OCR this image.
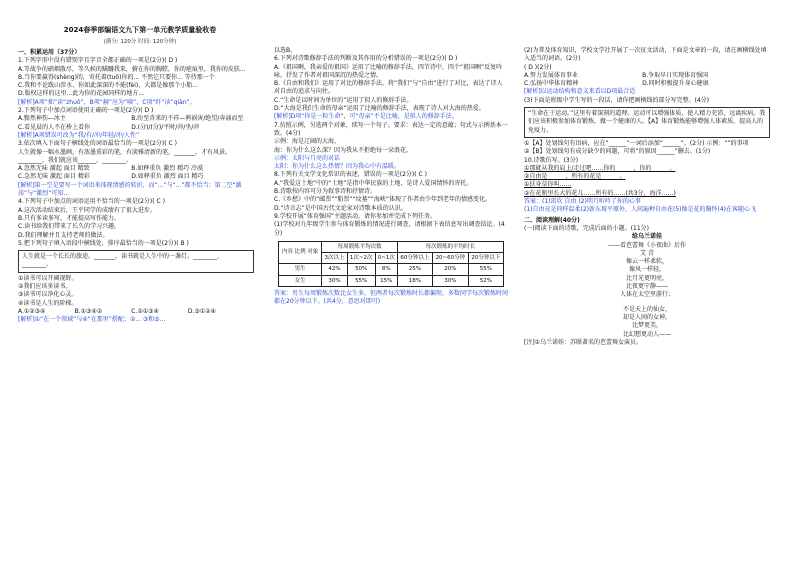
2024春季部编语文九下第一单元教学质量验收卷
(满分: 120分 时间: 120分钟)

一、积累运用（37分）

1.下列字形中没有错别字且字音全都正确的一项是(2分)( D )

A.等战争的硝烟散尽，等久候的蹒跚我来，俯在你的胸膛，你的疤痕里，我你的皮肤...

B.当你要赢得(shèng)的，寄托着(tuō)你的... 不然它只要你... 等待那一个

C.我和不论跋山涉水、你如此深深的不能(fèi)，大都是像那个小船...

D.版权这样的这里...此为你的花园同样的地方...

[解析]A项“拙”读“zhuō”，B项“赫”应为“嘀”，C项“纤”读“qiàn”。

2.下列句子中加点词语使用正确的一项是(2分)( D )

A.黯然神伤—冰主	B.纷至沓来的不祥—鸦祸害/绝望/奔涌而至

C.看见晨的人不在桥上看你	D.(分)/(分)/平时/冲/坐/冲

[解析]A项错误可改为“我/有/冲/年轻/冲/人性”

3.依次填入下面句子横线处的词语最恰当的一项是(2分)( C )

人生就像一幅水墨画，有浓墨重彩的笔，有淡雅清新的笔，_______，才有风景。________，我们就应该______，________。

A.忽然无味 激起 面目 精致	B.如释重负 激烈 精巧 冷漠

C.急然无味 激起 面目 精彩	D.如释重负 激烈 面目 精巧

[解析]第一空是要写一个词语来体现情感的转折，而“...”与“...”都不恰当；第二空“激荡”与“激烈”可知...

4.下列句子中加点的词语运用不恰当的一项是(2分)( C )

A.这次活动结束后，王平同学的成绩有了很大进步。

B.只有多读多写，才能提高写作能力。

C.读书给我们带来了长久的学习兴趣。

D.我们理解并且支持老师的做法。

5.把下列句子填入语段中横线处，排序最恰当的一项是(2分)( B )

人生就是一个长长的旅途。_______，读书就是人生中的一盏灯。________，________。

①读书可以开阔视野。

②我们应该多读书。

③读书可以净化心灵。

④读书是人生的阶梯。

A.①②③④	B.①③④②	C.②①③④	D.③①②④

[解析]①“在一个领域”与④“在那里”搭配；②... ③和⑤...

以选B。

6.下列对诗歌修辞手法的判断及其作用的分析错误的一项是(2分)( D )

A.《祖国啊，我亲爱的祖国》运用了比喻的修辞手法，四节诗中，四个“祖国啊”反复吟咏，抒发了作者对祖国深沉的热爱之情。

B.《自由和我们》运用了对比的修辞手法，将“我们”与“自由”进行了对比，表达了诗人对自由的追求与向往。

C.“生命是以时间为单位的”运用了拟人的修辞手法。

D.“大海是我们生命的母亲”运用了比喻的修辞手法，表现了诗人对大海的热爱。

[解析]D项“你是一粒生命”，可“母亲”不是比喻，是拟人的修辞手法。

7.仿照示例，另选两个对象，续写一个句子。要求：表达一定的意蕴；句式与示例基本一致。(4分)

示例：海是辽阔的大海，

海：你为什么这么深？因为我从不拒绝每一朵浪花。

示例：太阳与月亮的对话

太阳：你为什么这么热情？因为我心中有温暖。

8.下列有关文学文化常识的表述，错误的一项是(2分)( C )

A.“我爱这土地”中的“土地”是指中华民族的土地，是诗人爱国情怀的寄托。

B.诗歌按内容可分为叙事诗和抒情诗。

C.《乡愁》中的“邮票”“船票”“坟墓”“海峡”体现了作者由少年到老年的情感变化。

D.“诗言志”是中国古代文论家对诗歌本质的认识。

9.学校开展“体育强国”主题活动，请你参加并完成下列任务。

(1)学校对九年级学生参与体育锻炼的情况进行调查，请根据下表信息写出调查结论。(4分)

内容 比例 对象	每周锻炼平均次数			每次锻炼的平均时长		
	3次以上	1次~2次	0~1次	60分钟以上	20~60分钟	20分钟以下
男生	42%	50%	8%	25%	20%	55%
女生	30%	55%	15%	18%	30%	52%

答案：男生每周锻炼次数比女生多，但两者每次锻炼时长都偏短，多数同学每次锻炼时间都在20分钟以下。(共4分，意思对即可)

(2)为普及体育知识，学校文学社开展了一次征文活动，下面是文章的一段，请在画横线处填入适当的词语。(2分)

( D )(2分)

A.努力发展体育事业	B.争取早日实现体育强国

C.弘扬中华体育精神	D.同时积极提升身心健康

[解析]以运动结构和意义来看以D项最合适

(3)下面是班级中学生写的一段话，请你把画横线的部分写完整。(4分)

“生命在于运动。”这里有着深刻的道理。运动可以增强体质，使人精力充沛，远离疾病。我们应该积极参加体育锻炼，做一个健康的人。【A】体育锻炼能够增强人体素质，提高人的免疫力。

①【A】处划线句有语病，应在“______”一词后添加“______”。(2分) 示例：“”的事项

②【B】处划线句有成分缺少的问题，可将“的原因______”删去。(1分)

10.诗歌仿写。(3分)

①那就从我的肩上/走过吧……你的______，你的______。

②自由是______，所有的花是______。

①扶身草你叫……

②在花瓶里长大的花儿……所有的……(共3分，海洋……)

答案：(1)雷坎 自由 (2)明月听吟了你的心事

(1)自由竟是同样温柔(2)新东坡平原外，人间遍种自由花(5)像是花的胸怀(4)在客随心飞

二、阅读理解(40分)

(一)阅读下面的诗歌，完成后面的小题。(11分)

给乌兰诺娃

——看芭蕾舞《小夜曲》后作

艾 青

像云一样柔软，

像风一样轻，

比月光更明亮，

比夜更宁静——

人体在太空里游行；

不是天上的仙女，

却是人间的女神，

比梦更美，

比幻想更动人——

[注]①乌兰诺娃：苏联著名的芭蕾舞女演员。
